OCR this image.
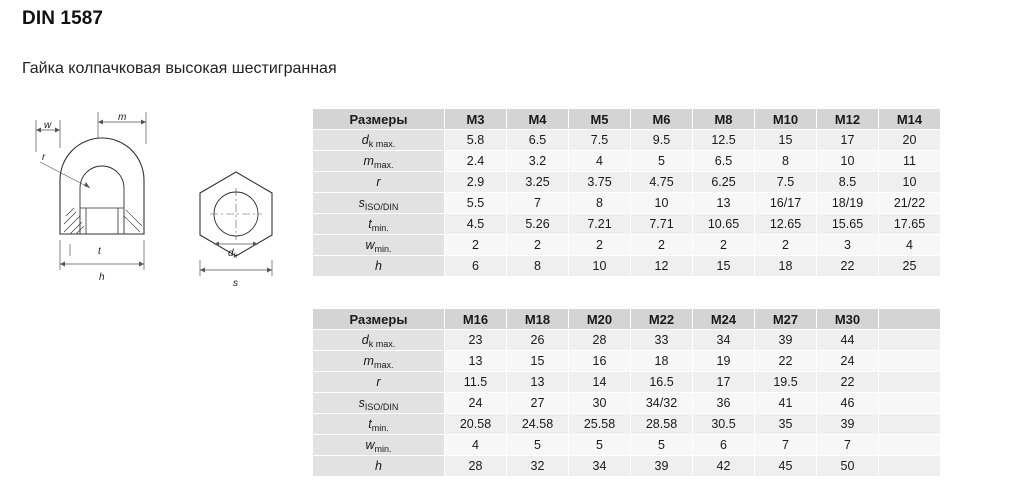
DIN 1587
Гайка колпачковая высокая шестигранная
w
m
r
t
h
$d_k$
s
Размеры	M3	M4	M5	M6	M8	M10	M12	M14
$d_{k max.}$	5.8	6.5	7.5	9.5	12.5	15	17	20
$m_{max.}$	2.4	3.2	4	5	6.5	8	10	11
r	2.9	3.25	3.75	4.75	6.25	7.5	8.5	10
$s_{ISO/DIN}$	5.5	7	8	10	13	16/17	18/19	21/22
$t_{min.}$	4.5	5.26	7.21	7.71	10.65	12.65	15.65	17.65
$w_{min.}$	2	2	2	2	2	2	3	4
h	6	8	10	12	15	18	22	25
Размеры	M16	M18	M20	M22	M24	M27	M30	
$d_{k max.}$	23	26	28	33	34	39	44	
$m_{max.}$	13	15	16	18	19	22	24	
r	11.5	13	14	16.5	17	19.5	22	
$s_{ISO/DIN}$	24	27	30	34/32	36	41	46	
$t_{min.}$	20.58	24.58	25.58	28.58	30.5	35	39	
$w_{min.}$	4	5	5	5	6	7	7	
h	28	32	34	39	42	45	50	
